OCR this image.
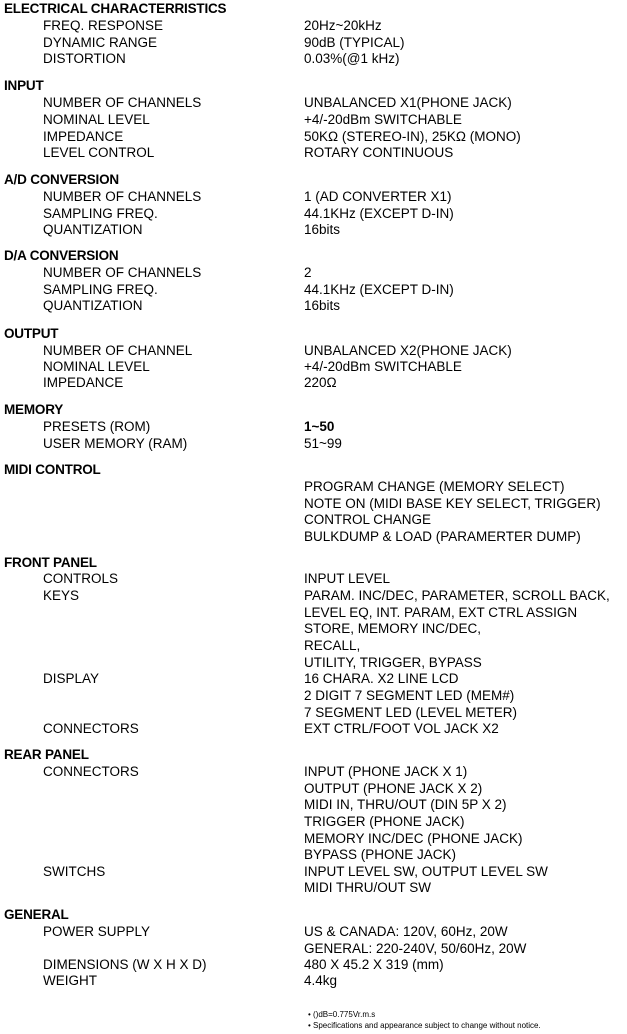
ELECTRICAL CHARACTERRISTICS
FREQ. RESPONSE	20Hz~20kHz
DYNAMIC RANGE	90dB (TYPICAL)
DISTORTION	0.03%(@1 kHz)
INPUT
NUMBER OF CHANNELS	UNBALANCED X1(PHONE JACK)
NOMINAL LEVEL	+4/-20dBm SWITCHABLE
IMPEDANCE	50KΩ (STEREO-IN), 25KΩ (MONO)
LEVEL CONTROL	ROTARY CONTINUOUS
A/D CONVERSION
NUMBER OF CHANNELS	1 (AD CONVERTER X1)
SAMPLING FREQ.	44.1KHz (EXCEPT D-IN)
QUANTIZATION	16bits
D/A CONVERSION
NUMBER OF CHANNELS	2
SAMPLING FREQ.	44.1KHz (EXCEPT D-IN)
QUANTIZATION	16bits
OUTPUT
NUMBER OF CHANNEL	UNBALANCED X2(PHONE JACK)
NOMINAL LEVEL	+4/-20dBm SWITCHABLE
IMPEDANCE	220Ω
MEMORY
PRESETS (ROM)	1~50
USER MEMORY (RAM)	51~99
MIDI CONTROL
PROGRAM CHANGE (MEMORY SELECT)
NOTE ON (MIDI BASE KEY SELECT, TRIGGER)
CONTROL CHANGE
BULKDUMP & LOAD (PARAMERTER DUMP)
FRONT PANEL
CONTROLS	INPUT LEVEL
KEYS	PARAM. INC/DEC, PARAMETER, SCROLL BACK,
LEVEL EQ, INT. PARAM, EXT CTRL ASSIGN
STORE, MEMORY INC/DEC,
RECALL,
UTILITY, TRIGGER, BYPASS
DISPLAY	16 CHARA. X2 LINE LCD
2 DIGIT 7 SEGMENT LED (MEM#)
7 SEGMENT LED (LEVEL METER)
CONNECTORS	EXT CTRL/FOOT VOL JACK X2
REAR PANEL
CONNECTORS	INPUT (PHONE JACK X 1)
OUTPUT (PHONE JACK X 2)
MIDI IN, THRU/OUT (DIN 5P X 2)
TRIGGER (PHONE JACK)
MEMORY INC/DEC (PHONE JACK)
BYPASS (PHONE JACK)
SWITCHS	INPUT LEVEL SW, OUTPUT LEVEL SW
MIDI THRU/OUT SW
GENERAL
POWER SUPPLY	US & CANADA: 120V, 60Hz, 20W
GENERAL: 220-240V, 50/60Hz, 20W
DIMENSIONS (W X H X D)	480 X 45.2 X 319 (mm)
WEIGHT	4.4kg
• ()dB=0.775Vr.m.s
• Specifications and appearance subject to change without notice.
